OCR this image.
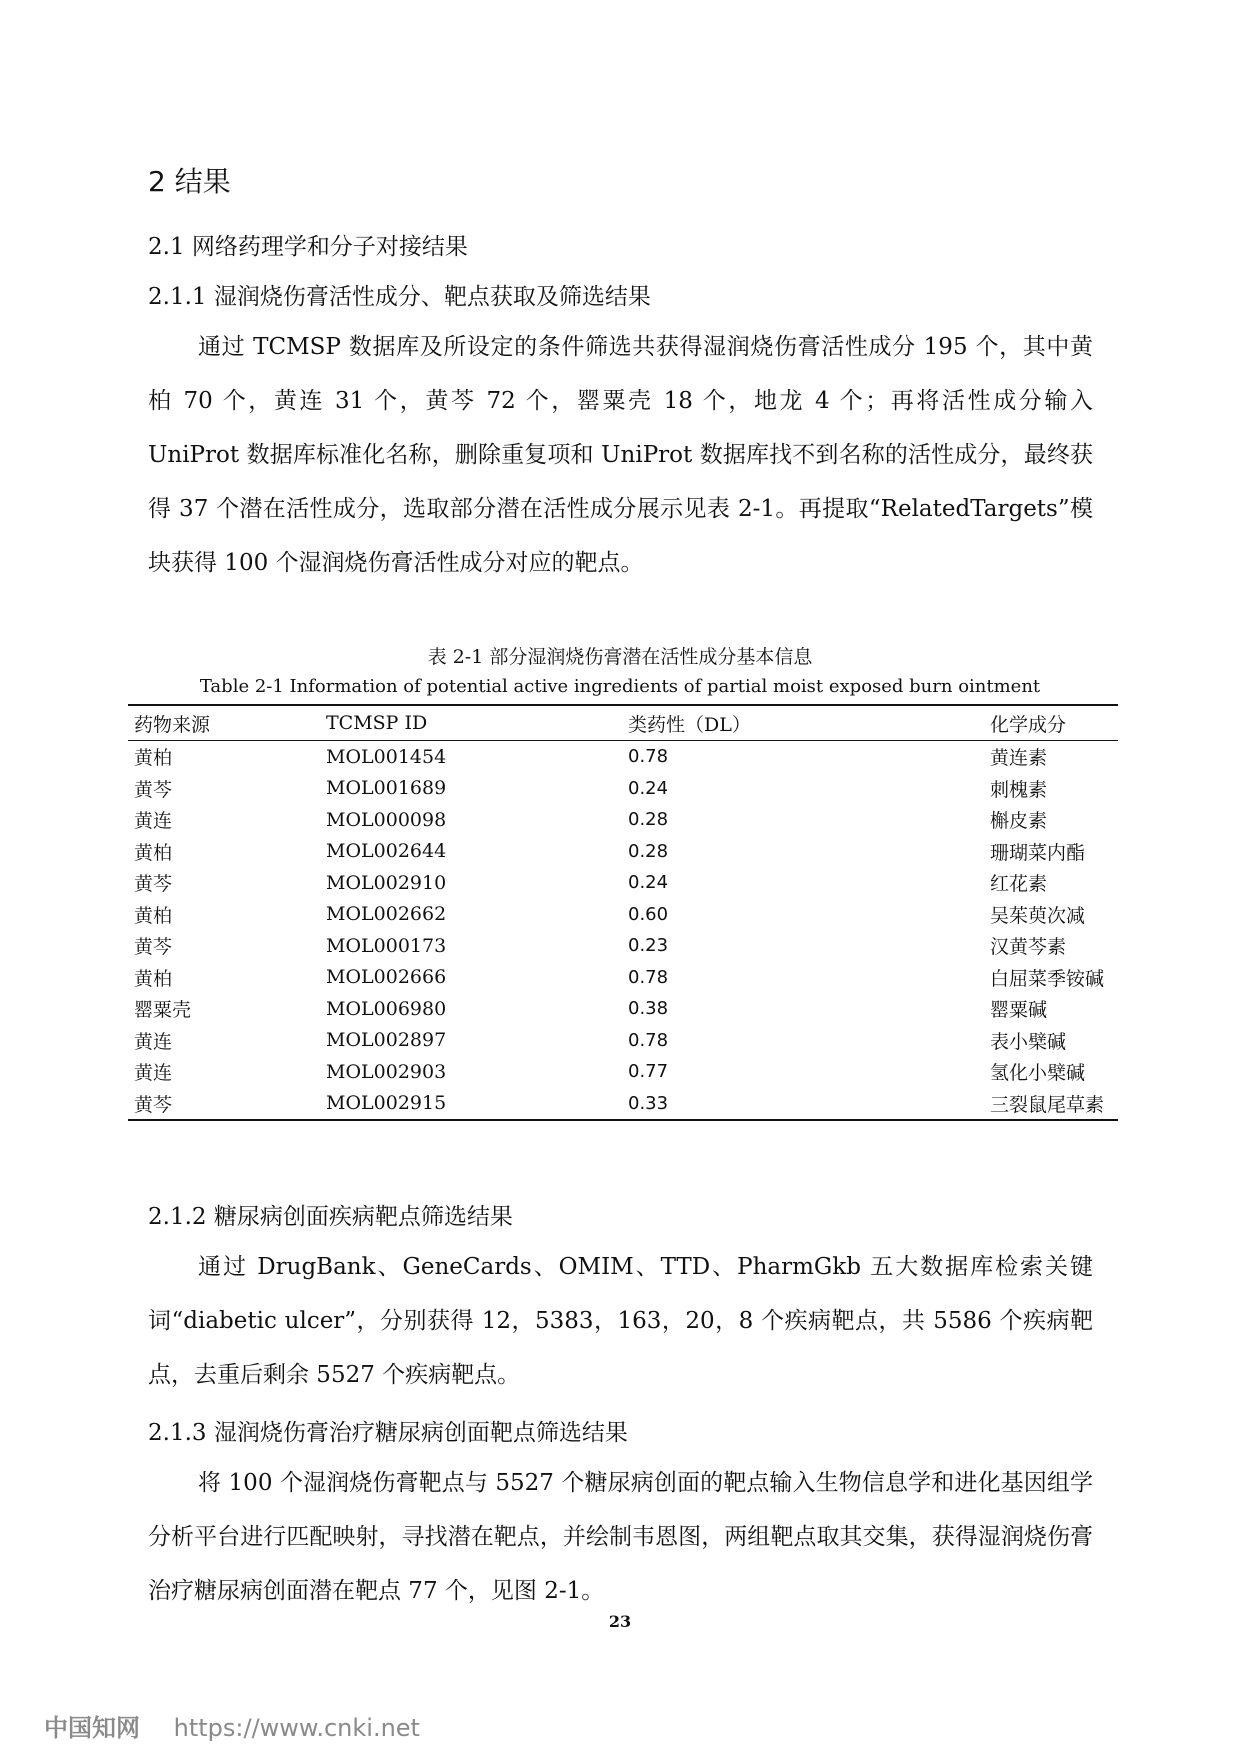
2 结果
2.1 网络药理学和分子对接结果
2.1.1 湿润烧伤膏活性成分、靶点获取及筛选结果

通过 TCMSP 数据库及所设定的条件筛选共获得湿润烧伤膏活性成分 195 个，其中黄柏 70 个，黄连 31 个，黄芩 72 个，罂粟壳 18 个，地龙 4 个；再将活性成分输入 UniProt 数据库标准化名称，删除重复项和 UniProt 数据库找不到名称的活性成分，最终获得 37 个潜在活性成分，选取部分潜在活性成分展示见表 2-1。再提取“RelatedTargets”模块获得 100 个湿润烧伤膏活性成分对应的靶点。

表 2-1 部分湿润烧伤膏潜在活性成分基本信息
Table 2-1 Information of potential active ingredients of partial moist exposed burn ointment
药物来源	TCMSP ID	类药性（DL）	化学成分
黄柏	MOL001454	0.78	黄连素
黄芩	MOL001689	0.24	刺槐素
黄连	MOL000098	0.28	槲皮素
黄柏	MOL002644	0.28	珊瑚菜内酯
黄芩	MOL002910	0.24	红花素
黄柏	MOL002662	0.60	吴茱萸次减
黄芩	MOL000173	0.23	汉黄芩素
黄柏	MOL002666	0.78	白屈菜季铵碱
罂粟壳	MOL006980	0.38	罂粟碱
黄连	MOL002897	0.78	表小檗碱
黄连	MOL002903	0.77	氢化小檗碱
黄芩	MOL002915	0.33	三裂鼠尾草素
2.1.2 糖尿病创面疾病靶点筛选结果

通过 DrugBank、GeneCards、OMIM、TTD、PharmGkb 五大数据库检索关键词“diabetic ulcer”，分别获得 12，5383，163，20，8 个疾病靶点，共 5586 个疾病靶点，去重后剩余 5527 个疾病靶点。

2.1.3 湿润烧伤膏治疗糖尿病创面靶点筛选结果

将 100 个湿润烧伤膏靶点与 5527 个糖尿病创面的靶点输入生物信息学和进化基因组学分析平台进行匹配映射，寻找潜在靶点，并绘制韦恩图，两组靶点取其交集，获得湿润烧伤膏治疗糖尿病创面潜在靶点 77 个，见图 2-1。

23
中国知网 https://www.cnki.net
